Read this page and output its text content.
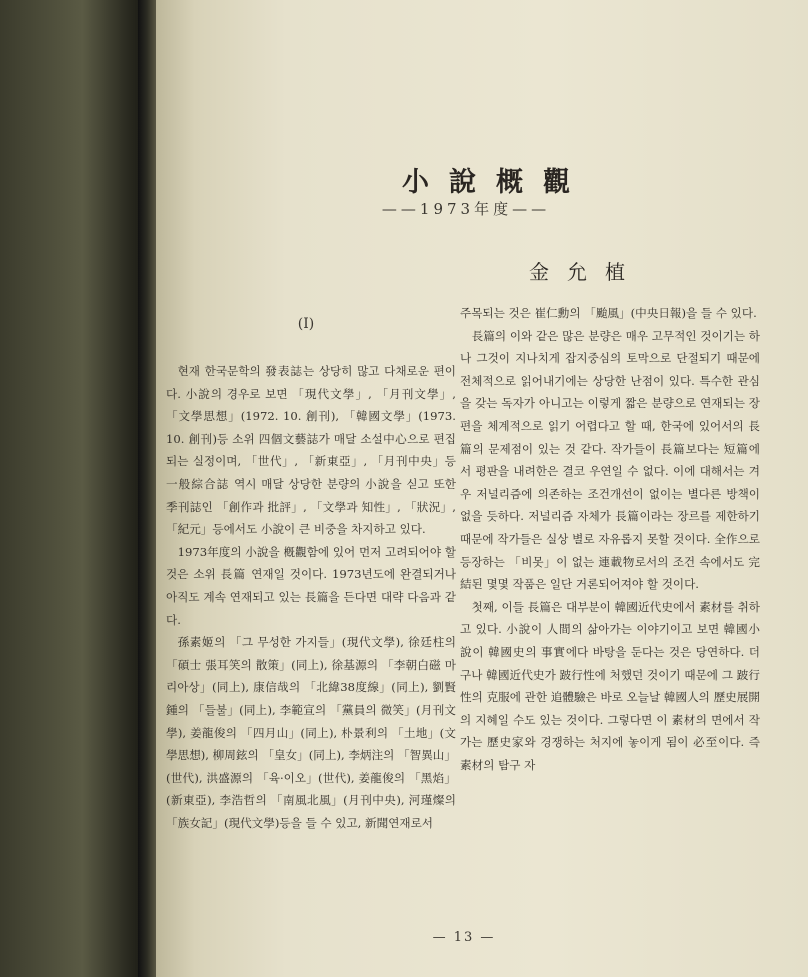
小說概觀
——1973年度——
金允植
(Ⅰ)

현재 한국문학의 發表誌는 상당히 많고 다채로운 편이다. 小說의 경우로 보면 「現代文學」, 「月刊文學」, 「文學思想」(1972. 10. 創刊), 「韓國文學」(1973. 10. 創刊)등 소위 四個文藝誌가 매달 소설中心으로 편집되는 실정이며, 「世代」, 「新東亞」, 「月刊中央」등 一般綜合誌 역시 매달 상당한 분량의 小說을 싣고 또한 季刊誌인 「創作과 批評」, 「文學과 知性」, 「狀況」, 「紀元」등에서도 小說이 큰 비중을 차지하고 있다.

1973年度의 小說을 槪觀함에 있어 먼저 고려되어야 할 것은 소위 長篇 연재일 것이다. 1973년도에 완결되거나 아직도 계속 연재되고 있는 長篇을 든다면 대략 다음과 같다.

孫素姬의 「그 무성한 가지들」(現代文學), 徐廷柱의 「碩士 張耳笑의 散策」(同上), 徐基源의 「李朝白磁 마리아상」(同上), 康信哉의 「北緯38度線」(同上), 劉賢鍾의 「들불」(同上), 李範宣의 「黨員의 微笑」(月刊文學), 姜龍俊의 「四月山」(同上), 朴景利의 「土地」(文學思想), 柳周鉉의 「皇女」(同上), 李炳注의 「智異山」(世代), 洪盛源의 「육·이오」(世代), 姜龍俊의 「黑焰」(新東亞), 李浩哲의 「南風北風」(月刊中央), 河瑾燦의 「族女記」(現代文學)등을 들 수 있고, 新聞연재로서

주목되는 것은 崔仁勳의 「颱風」(中央日報)을 들 수 있다.

長篇의 이와 같은 많은 분량은 매우 고무적인 것이기는 하나 그것이 지나치게 잡지중심의 토막으로 단절되기 때문에 전체적으로 읽어내기에는 상당한 난점이 있다. 특수한 관심을 갖는 독자가 아니고는 이렇게 짧은 분량으로 연재되는 장편을 체계적으로 읽기 어렵다고 할 때, 한국에 있어서의 長篇의 문제점이 있는 것 같다. 작가들이 長篇보다는 短篇에서 평판을 내려한은 결코 우연일 수 없다. 이에 대해서는 겨우 저널리즘에 의존하는 조건개선이 없이는 별다른 방책이 없을 듯하다. 저널리즘 자체가 長篇이라는 장르를 제한하기 때문에 작가들은 실상 별로 자유롭지 못할 것이다. 全作으로 등장하는 「비못」이 없는 連載物로서의 조건 속에서도 完結된 몇몇 작품은 일단 거론되어져야 할 것이다.

첫째, 이들 長篇은 대부분이 韓國近代史에서 素材를 취하고 있다. 小說이 人間의 삶아가는 이야기이고 보면 韓國小說이 韓國史의 事實에다 바탕을 둔다는 것은 당연하다. 더구나 韓國近代史가 跛行性에 처했던 것이기 때문에 그 跛行性의 克服에 관한 追體驗은 바로 오늘날 韓國人의 歷史展開의 지혜일 수도 있는 것이다. 그렇다면 이 素材의 면에서 작가는 歷史家와 경쟁하는 처지에 놓이게 됨이 必至이다. 즉 素材의 탐구 자

— 13 —
